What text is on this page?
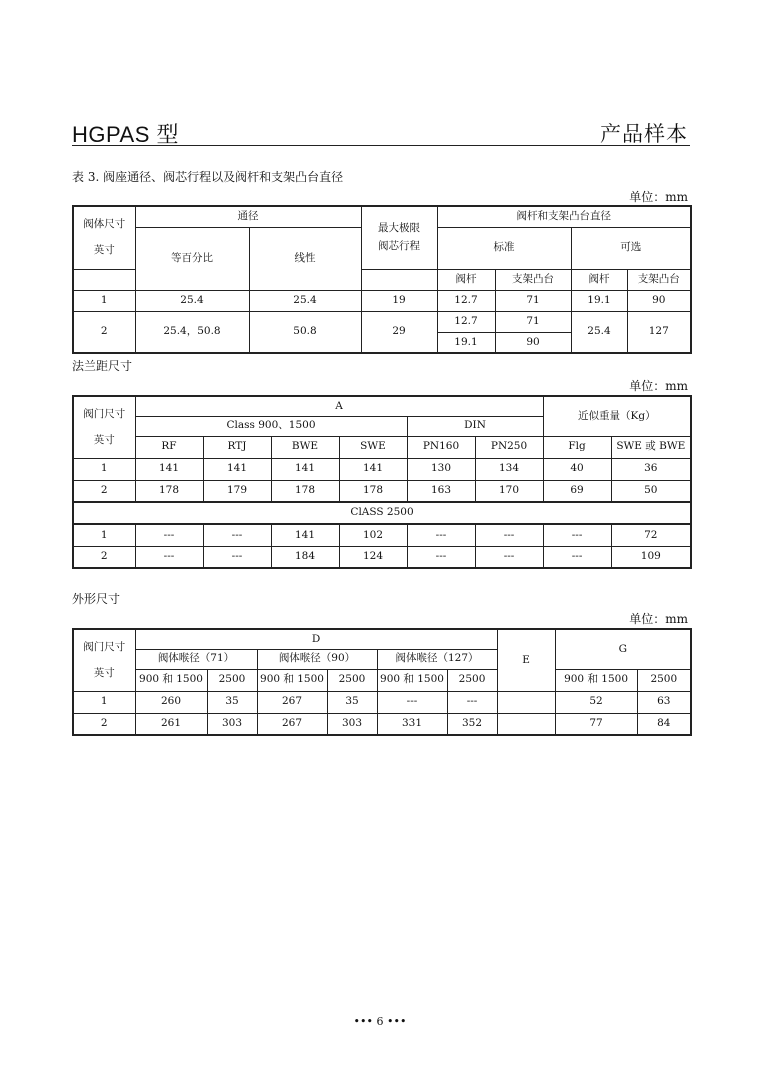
HGPAS 型	产品样本
表 3. 阀座通径、阀芯行程以及阀杆和支架凸台直径
单位：mm
阀体尺寸

英寸	通径		最大极限阀芯行程	阀杆和支架凸台直径			
	等百分比	线性		标准		可选	
				阀杆	支架凸台	阀杆	支架凸台
1	25.4	25.4	19	12.7	71	19.1	90
2	25.4，50.8	50.8	29	12.7	71	25.4	127
				19.1	90		
法兰距尺寸
单位：mm
阀门尺寸

英寸	A						近似重量（Kg）	
	Class 900、1500				DIN			
	RF	RTJ	BWE	SWE	PN160	PN250	Flg	SWE 或 BWE
1	141	141	141	141	130	134	40	36
2	178	179	178	178	163	170	69	50
ClASS 2500								
1	---	---	141	102	---	---	---	72
2	---	---	184	124	---	---	---	109
外形尺寸
单位：mm
阀门尺寸

英寸	D						E	G	
	阀体喉径（71）		阀体喉径（90）		阀体喉径（127）				
	900 和 1500	2500	900 和 1500	2500	900 和 1500	2500		900 和 1500	2500
1	260	35	267	35	---	---		52	63
2	261	303	267	303	331	352		77	84
••• 6 •••
